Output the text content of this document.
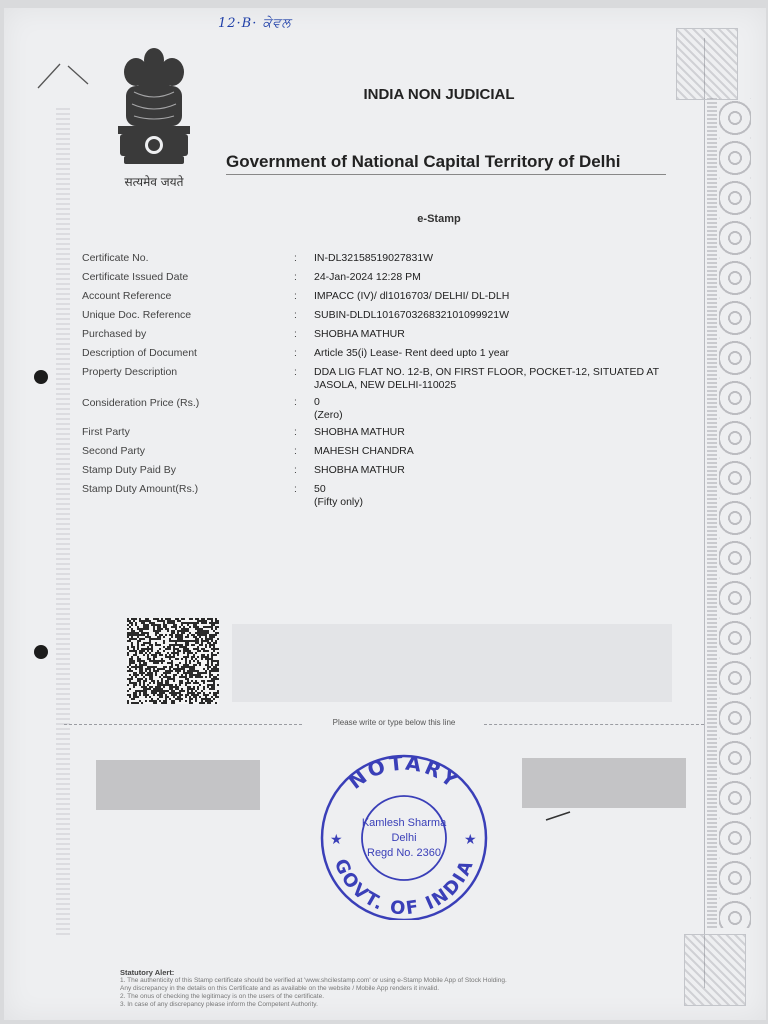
12·B· ਕੇਵਲ
सत्यमेव जयते
INDIA NON JUDICIAL
Government of National Capital Territory of Delhi
e-Stamp
Certificate No.	:	IN-DL32158519027831W
Certificate Issued Date	:	24-Jan-2024 12:28 PM
Account Reference	:	IMPACC (IV)/ dl1016703/ DELHI/ DL-DLH
Unique Doc. Reference	:	SUBIN-DLDL101670326832101099921W
Purchased by	:	SHOBHA MATHUR
Description of Document	:	Article 35(i) Lease- Rent deed upto 1 year
Property Description	:	DDA LIG FLAT NO. 12-B, ON FIRST FLOOR, POCKET-12, SITUATED AT
JASOLA, NEW DELHI-110025
Consideration Price (Rs.)	:	0
(Zero)
First Party	:	SHOBHA MATHUR
Second Party	:	MAHESH CHANDRA
Stamp Duty Paid By	:	SHOBHA MATHUR
Stamp Duty Amount(Rs.)	:	50
(Fifty only)
Please write or type below this line
NOTARY
GOVT. OF INDIA
★	★
Kamlesh Sharma
Delhi
Regd No. 2360
Statutory Alert:
1. The authenticity of this Stamp certificate should be verified at 'www.shcilestamp.com' or using e-Stamp Mobile App of Stock Holding.
Any discrepancy in the details on this Certificate and as available on the website / Mobile App renders it invalid.
2. The onus of checking the legitimacy is on the users of the certificate.
3. In case of any discrepancy please inform the Competent Authority.
